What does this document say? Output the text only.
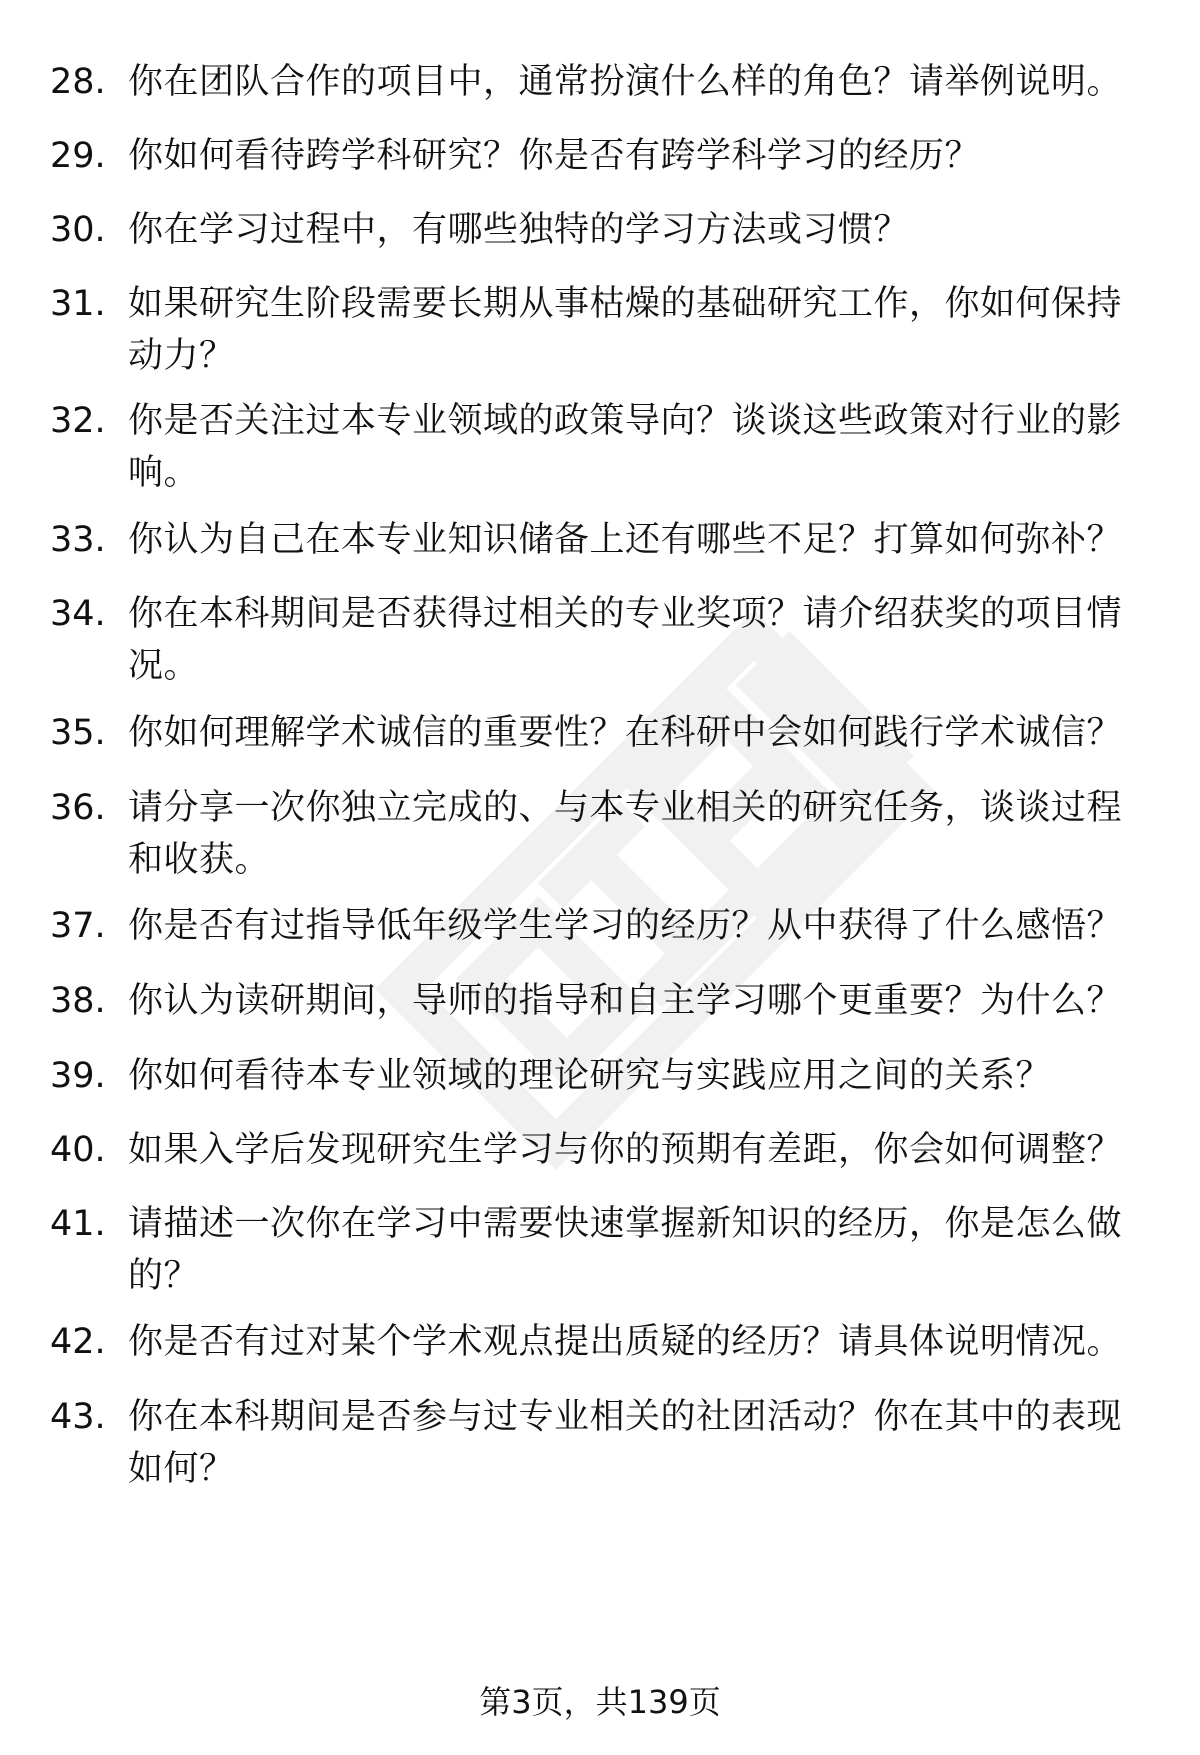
28. 你在团队合作的项目中，通常扮演什么样的角色？请举例说明。
29. 你如何看待跨学科研究？你是否有跨学科学习的经历？
30. 你在学习过程中，有哪些独特的学习方法或习惯？
31. 如果研究生阶段需要长期从事枯燥的基础研究工作，你如何保持动力？
32. 你是否关注过本专业领域的政策导向？谈谈这些政策对行业的影响。
33. 你认为自己在本专业知识储备上还有哪些不足？打算如何弥补？
34. 你在本科期间是否获得过相关的专业奖项？请介绍获奖的项目情况。
35. 你如何理解学术诚信的重要性？在科研中会如何践行学术诚信？
36. 请分享一次你独立完成的、与本专业相关的研究任务，谈谈过程和收获。
37. 你是否有过指导低年级学生学习的经历？从中获得了什么感悟？
38. 你认为读研期间，导师的指导和自主学习哪个更重要？为什么？
39. 你如何看待本专业领域的理论研究与实践应用之间的关系？
40. 如果入学后发现研究生学习与你的预期有差距，你会如何调整？
41. 请描述一次你在学习中需要快速掌握新知识的经历，你是怎么做的？
42. 你是否有过对某个学术观点提出质疑的经历？请具体说明情况。
43. 你在本科期间是否参与过专业相关的社团活动？你在其中的表现如何？
第3页，共139页
